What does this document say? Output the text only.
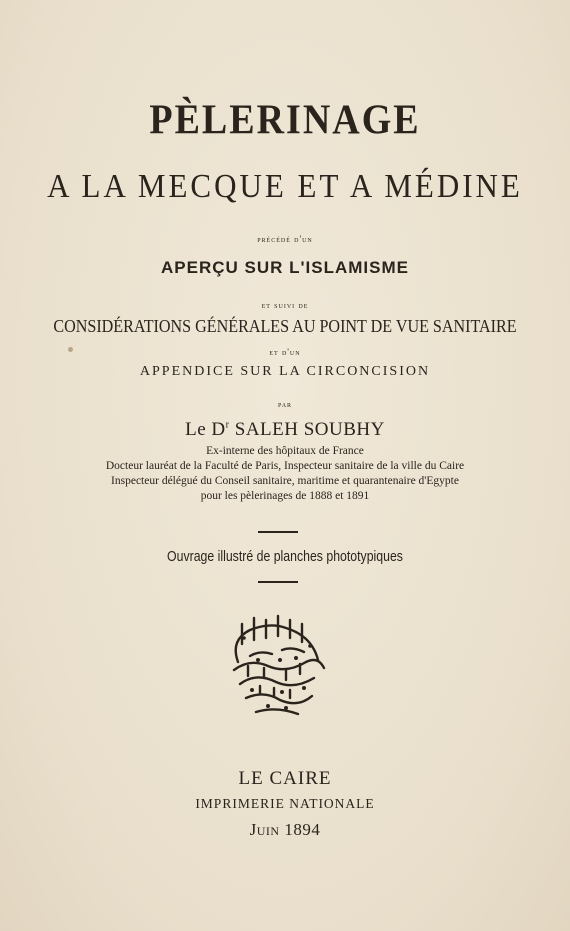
PÈLERINAGE
A LA MECQUE ET A MÉDINE
précédé d'un
APERÇU SUR L'ISLAMISME
et suivi de
CONSIDÉRATIONS GÉNÉRALES AU POINT DE VUE SANITAIRE
et d'un
APPENDICE SUR LA CIRCONCISION
par
Le $D^r$ SALEH SOUBHY
Ex-interne des hôpitaux de France
Docteur lauréat de la Faculté de Paris, Inspecteur sanitaire de la ville du Caire
Inspecteur délégué du Conseil sanitaire, maritime et quarantenaire d'Egypte
pour les pèlerinages de 1888 et 1891
Ouvrage illustré de planches phototypiques
LE CAIRE
IMPRIMERIE NATIONALE
Juin 1894
